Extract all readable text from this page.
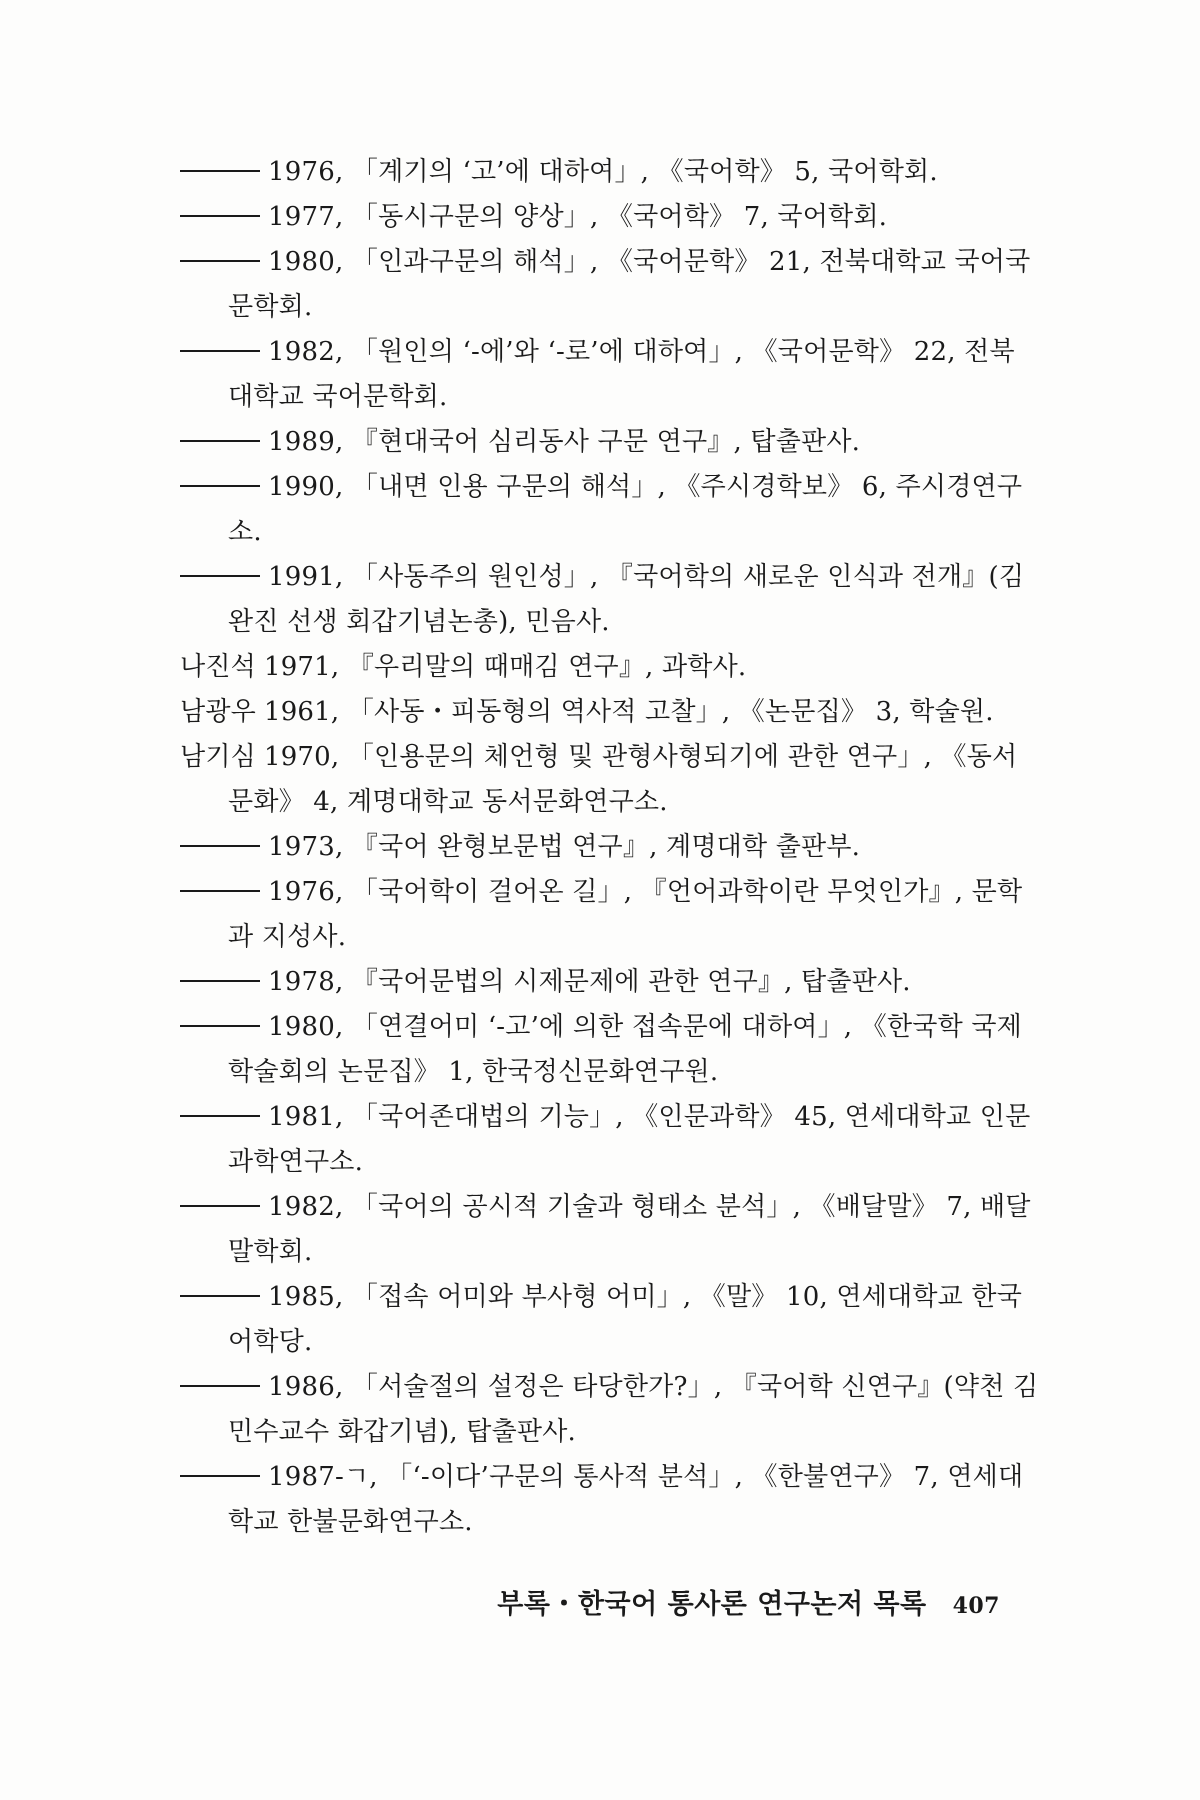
1976, 「계기의 ‘고’에 대하여」, 《국어학》 5, 국어학회.
1977, 「동시구문의 양상」, 《국어학》 7, 국어학회.
1980, 「인과구문의 해석」, 《국어문학》 21, 전북대학교 국어국문학회.
1982, 「원인의 ‘-에’와 ‘-로’에 대하여」, 《국어문학》 22, 전북대학교 국어문학회.
1989, 『현대국어 심리동사 구문 연구』, 탑출판사.
1990, 「내면 인용 구문의 해석」, 《주시경학보》 6, 주시경연구소.
1991, 「사동주의 원인성」, 『국어학의 새로운 인식과 전개』(김완진 선생 회갑기념논총), 민음사.
나진석 1971, 『우리말의 때매김 연구』, 과학사.
남광우 1961, 「사동・피동형의 역사적 고찰」, 《논문집》 3, 학술원.
남기심 1970, 「인용문의 체언형 및 관형사형되기에 관한 연구」, 《동서문화》 4, 계명대학교 동서문화연구소.
1973, 『국어 완형보문법 연구』, 계명대학 출판부.
1976, 「국어학이 걸어온 길」, 『언어과학이란 무엇인가』, 문학과 지성사.
1978, 『국어문법의 시제문제에 관한 연구』, 탑출판사.
1980, 「연결어미 ‘-고’에 의한 접속문에 대하여」, 《한국학 국제학술회의 논문집》 1, 한국정신문화연구원.
1981, 「국어존대법의 기능」, 《인문과학》 45, 연세대학교 인문과학연구소.
1982, 「국어의 공시적 기술과 형태소 분석」, 《배달말》 7, 배달말학회.
1985, 「접속 어미와 부사형 어미」, 《말》 10, 연세대학교 한국어학당.
1986, 「서술절의 설정은 타당한가?」, 『국어학 신연구』(약천 김민수교수 화갑기념), 탑출판사.
1987-ㄱ, 「‘-이다’구문의 통사적 분석」, 《한불연구》 7, 연세대학교 한불문화연구소.
부록・한국어 통사론 연구논저 목록 407
